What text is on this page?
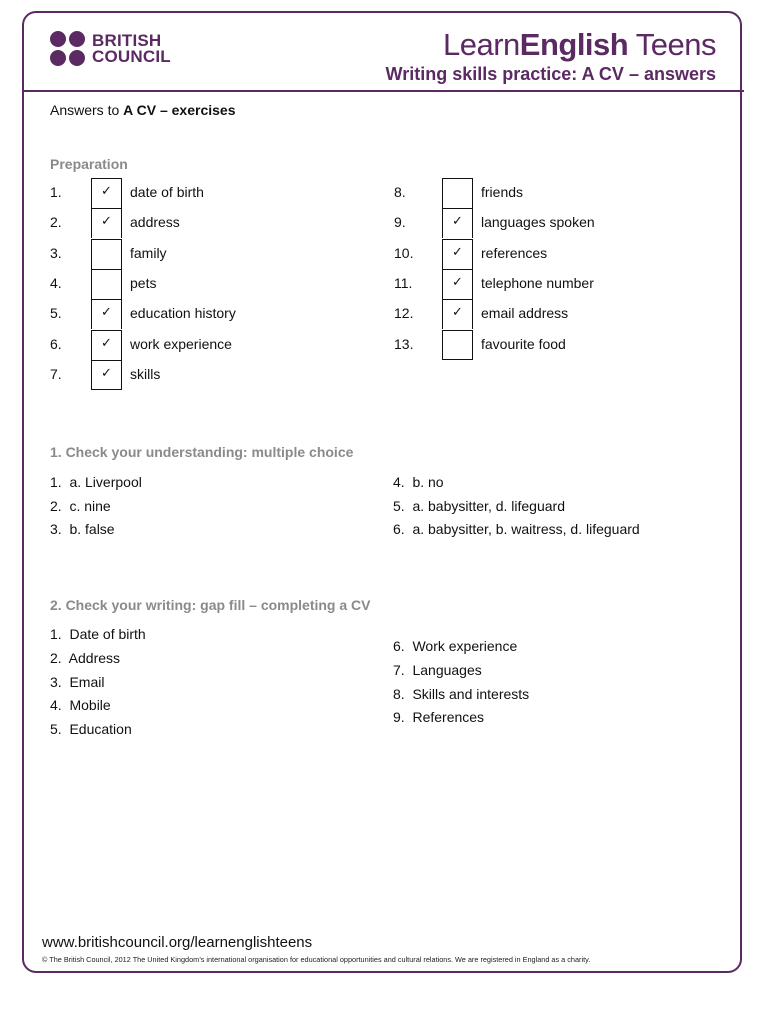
BRITISH
COUNCIL	LearnEnglish Teens
Writing skills practice: A CV – answers
Answers to A CV – exercises
Preparation
1.	✓	date of birth
2.	✓	address
3.	family
4.	pets
5.	✓	education history
6.	✓	work experience
7.	✓	skills
8.	friends
9.	✓	languages spoken
10.	✓	references
11.	✓	telephone number
12.	✓	email address
13.	favourite food
1. Check your understanding: multiple choice
1.  a. Liverpool
2.  c. nine
3.  b. false
4.  b. no
5.  a. babysitter, d. lifeguard
6.  a. babysitter, b. waitress, d. lifeguard
2. Check your writing: gap fill – completing a CV
1.  Date of birth
2.  Address
3.  Email
4.  Mobile
5.  Education
6.  Work experience
7.  Languages
8.  Skills and interests
9.  References
www.britishcouncil.org/learnenglishteens
© The British Council, 2012 The United Kingdom’s international organisation for educational opportunities and cultural relations. We are registered in England as a charity.
